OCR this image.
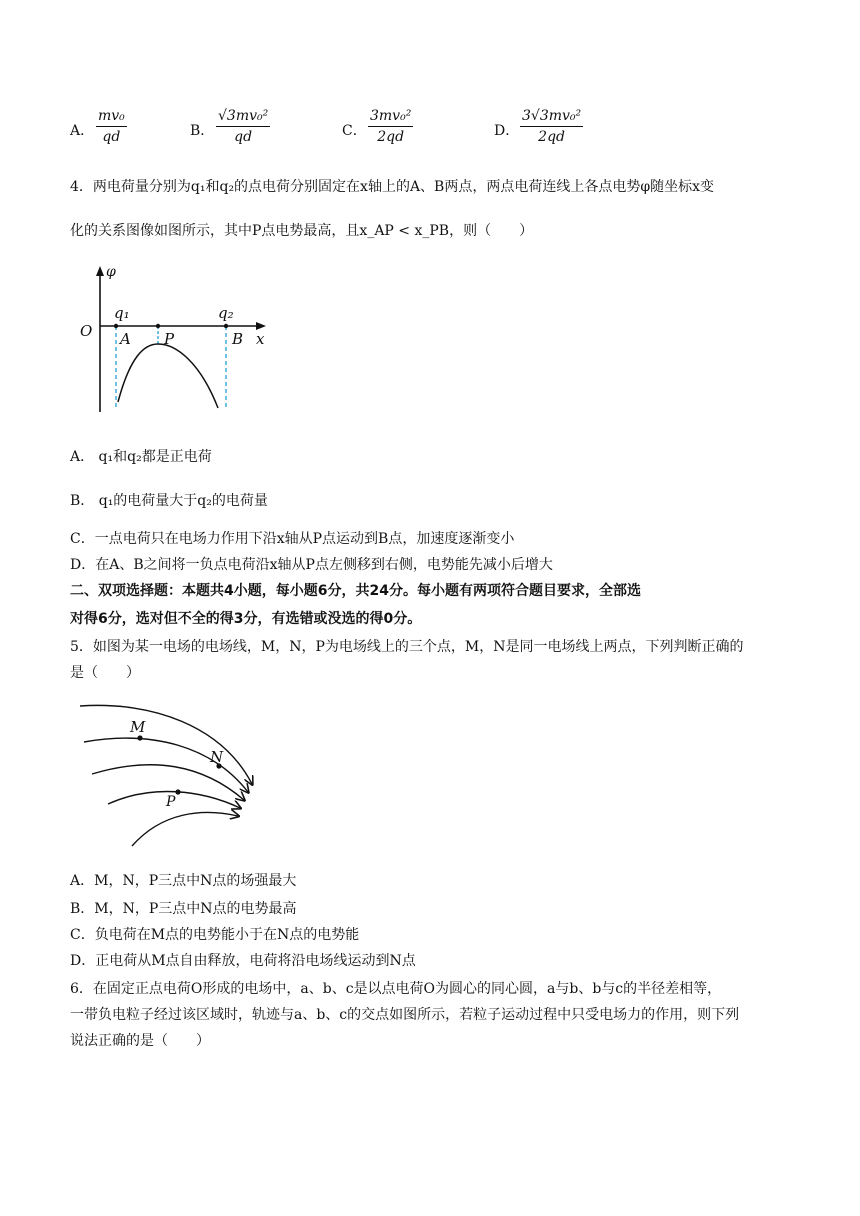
A． $\frac{\text{mv₀}}{qd}$	B． $\frac{\text{√3mv₀²}}{qd}$	C． $\frac{\text{3mv₀²}}{2qd}$	D． $\frac{\text{3√3mv₀²}}{2qd}$
4．两电荷量分别为q₁和q₂的点电荷分别固定在x轴上的A、B两点，两点电荷连线上各点电势φ随坐标x变
化的关系图像如图所示，其中P点电势最高，且x_AP < x_PB，则（　　）
φ
O
q₁	q₂
A P	B x
A． q₁和q₂都是正电荷
B． q₁的电荷量大于q₂的电荷量
C．一点电荷只在电场力作用下沿x轴从P点运动到B点，加速度逐渐变小
D．在A、B之间将一负点电荷沿x轴从P点左侧移到右侧，电势能先减小后增大
二、双项选择题：本题共4小题，每小题6分，共24分。每小题有两项符合题目要求，全部选
对得6分，选对但不全的得3分，有选错或没选的得0分。
5．如图为某一电场的电场线，M，N，P为电场线上的三个点，M，N是同一电场线上两点，下列判断正确的
是（　　）
M
N
P
A．M，N，P三点中N点的场强最大
B．M，N，P三点中N点的电势最高
C．负电荷在M点的电势能小于在N点的电势能
D．正电荷从M点自由释放，电荷将沿电场线运动到N点
6．在固定正点电荷O形成的电场中，a、b、c是以点电荷O为圆心的同心圆，a与b、b与c的半径差相等，
一带负电粒子经过该区域时，轨迹与a、b、c的交点如图所示，若粒子运动过程中只受电场力的作用，则下列
说法正确的是（　　）
